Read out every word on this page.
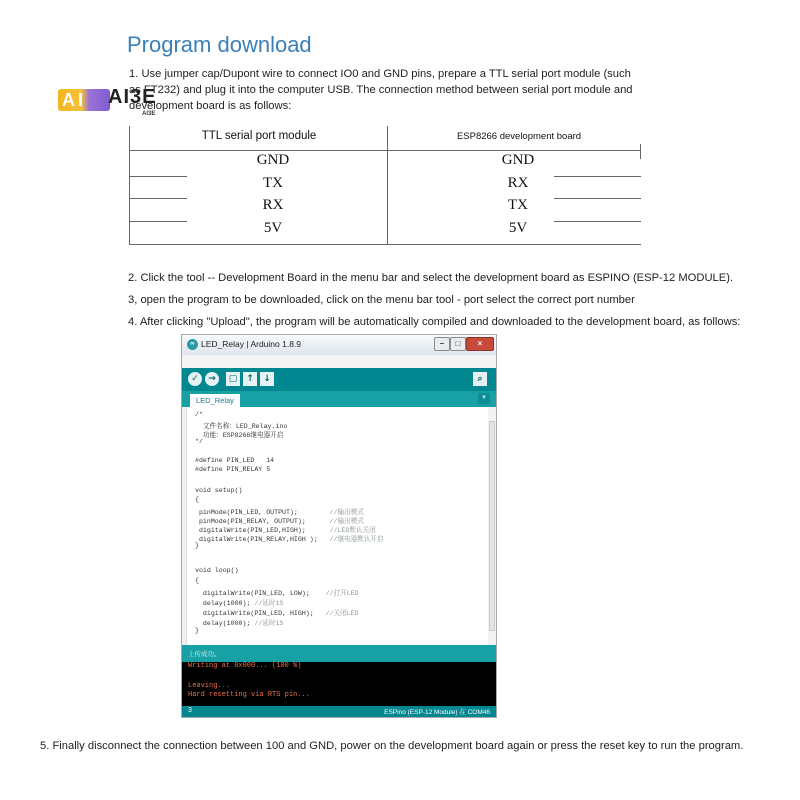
Program download
1. Use jumper cap/Dupont wire to connect IO0 and GND pins, prepare a TTL serial port module (such as FT232) and plug it into the computer USB. The connection method between serial port module and development board is as follows:
AI AI3E
AI3E
TTL serial port module	ESP8266 development board
GND	GND
TX	RX
RX	TX
5V	5V
2. Click the tool -- Development Board in the menu bar and select the development board as ESPINO (ESP-12 MODULE).
3, open the program to be downloaded, click on the menu bar tool - port select the correct port number
4. After clicking "Upload", the program will be automatically compiled and downloaded to the development board, as follows:
∞ LED_Relay | Arduino 1.8.9	–	□	×
✓	→	▢ ↑	↓	⌕
LED_Relay	▼
/*
文件名称：LED_Relay.ino
功能：ESP8266继电器开启
*/
#define PIN_LED   14
#define PIN_RELAY 5
void setup()
{
pinMode(PIN_LED, OUTPUT);        //输出模式
pinMode(PIN_RELAY, OUTPUT);      //输出模式
digitalWrite(PIN_LED,HIGH);      //LED默认关闭
digitalWrite(PIN_RELAY,HIGH );   //继电器默认开启
}
void loop()
{
digitalWrite(PIN_LED, LOW);    //打开LED
delay(1000); //延时1S
digitalWrite(PIN_LED, HIGH);   //关闭LED
delay(1000); //延时1S
}
上传成功。
Writing at 0x000... (100 %)
Leaving...
Hard resetting via RTS pin...
3	ESPino (ESP-12 Module) 在 COM46
5. Finally disconnect the connection between 100 and GND, power on the development board again or press the reset key to run the program.
